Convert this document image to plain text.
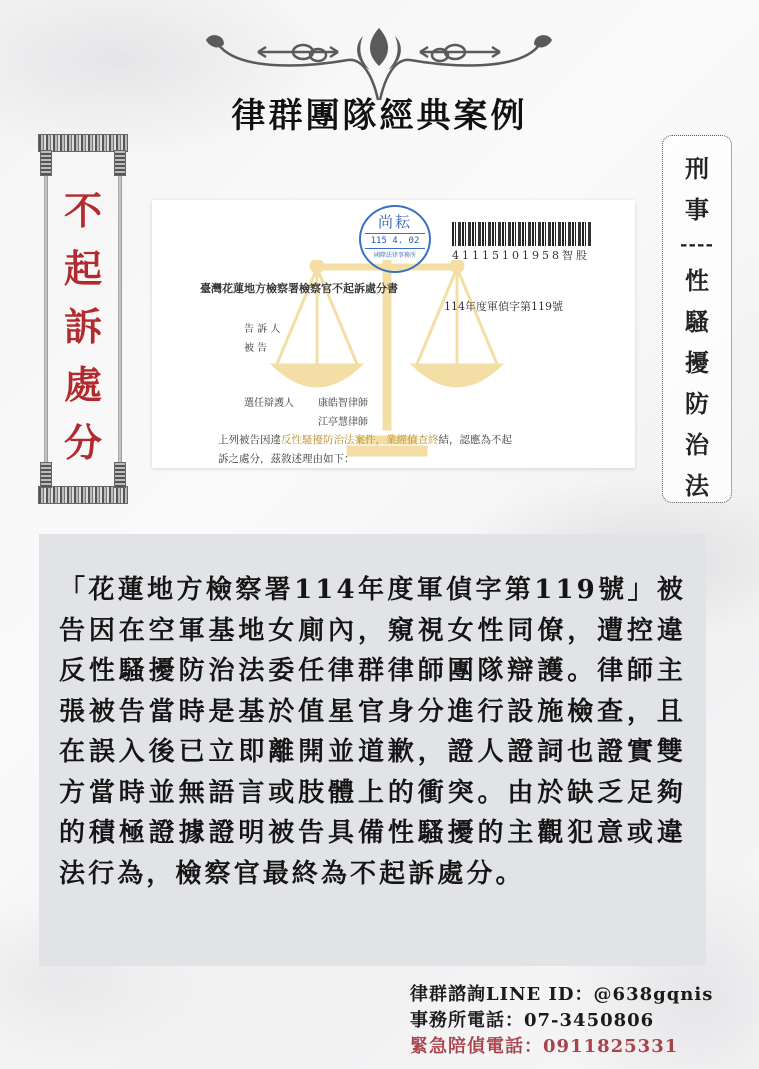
律群團隊經典案例
不
起
訴
處
分
刑
事
----
性
騷
擾
防
治
法
尚耘
115 4. 02
國際法律事務所	41115101958智股
臺灣花蓮地方檢察署檢察官不起訴處分書
114年度軍偵字第119號
告 訴 人
被 告
選任辯護人 康皓智律師
江亭慧律師
上列被告因違反性騷擾防治法案件，業經偵查終結，認應為不起
訴之處分，茲敘述理由如下：

「花蓮地方檢察署114年度軍偵字第119號」被告因在空軍基地女廁內，窺視女性同僚，遭控違反性騷擾防治法委任律群律師團隊辯護。律師主張被告當時是基於值星官身分進行設施檢查，且在誤入後已立即離開並道歉，證人證詞也證實雙方當時並無語言或肢體上的衝突。由於缺乏足夠的積極證據證明被告具備性騷擾的主觀犯意或違法行為，檢察官最終為不起訴處分。

律群諮詢LINE ID：@638gqnis
事務所電話：07-3450806
緊急陪偵電話：0911825331
